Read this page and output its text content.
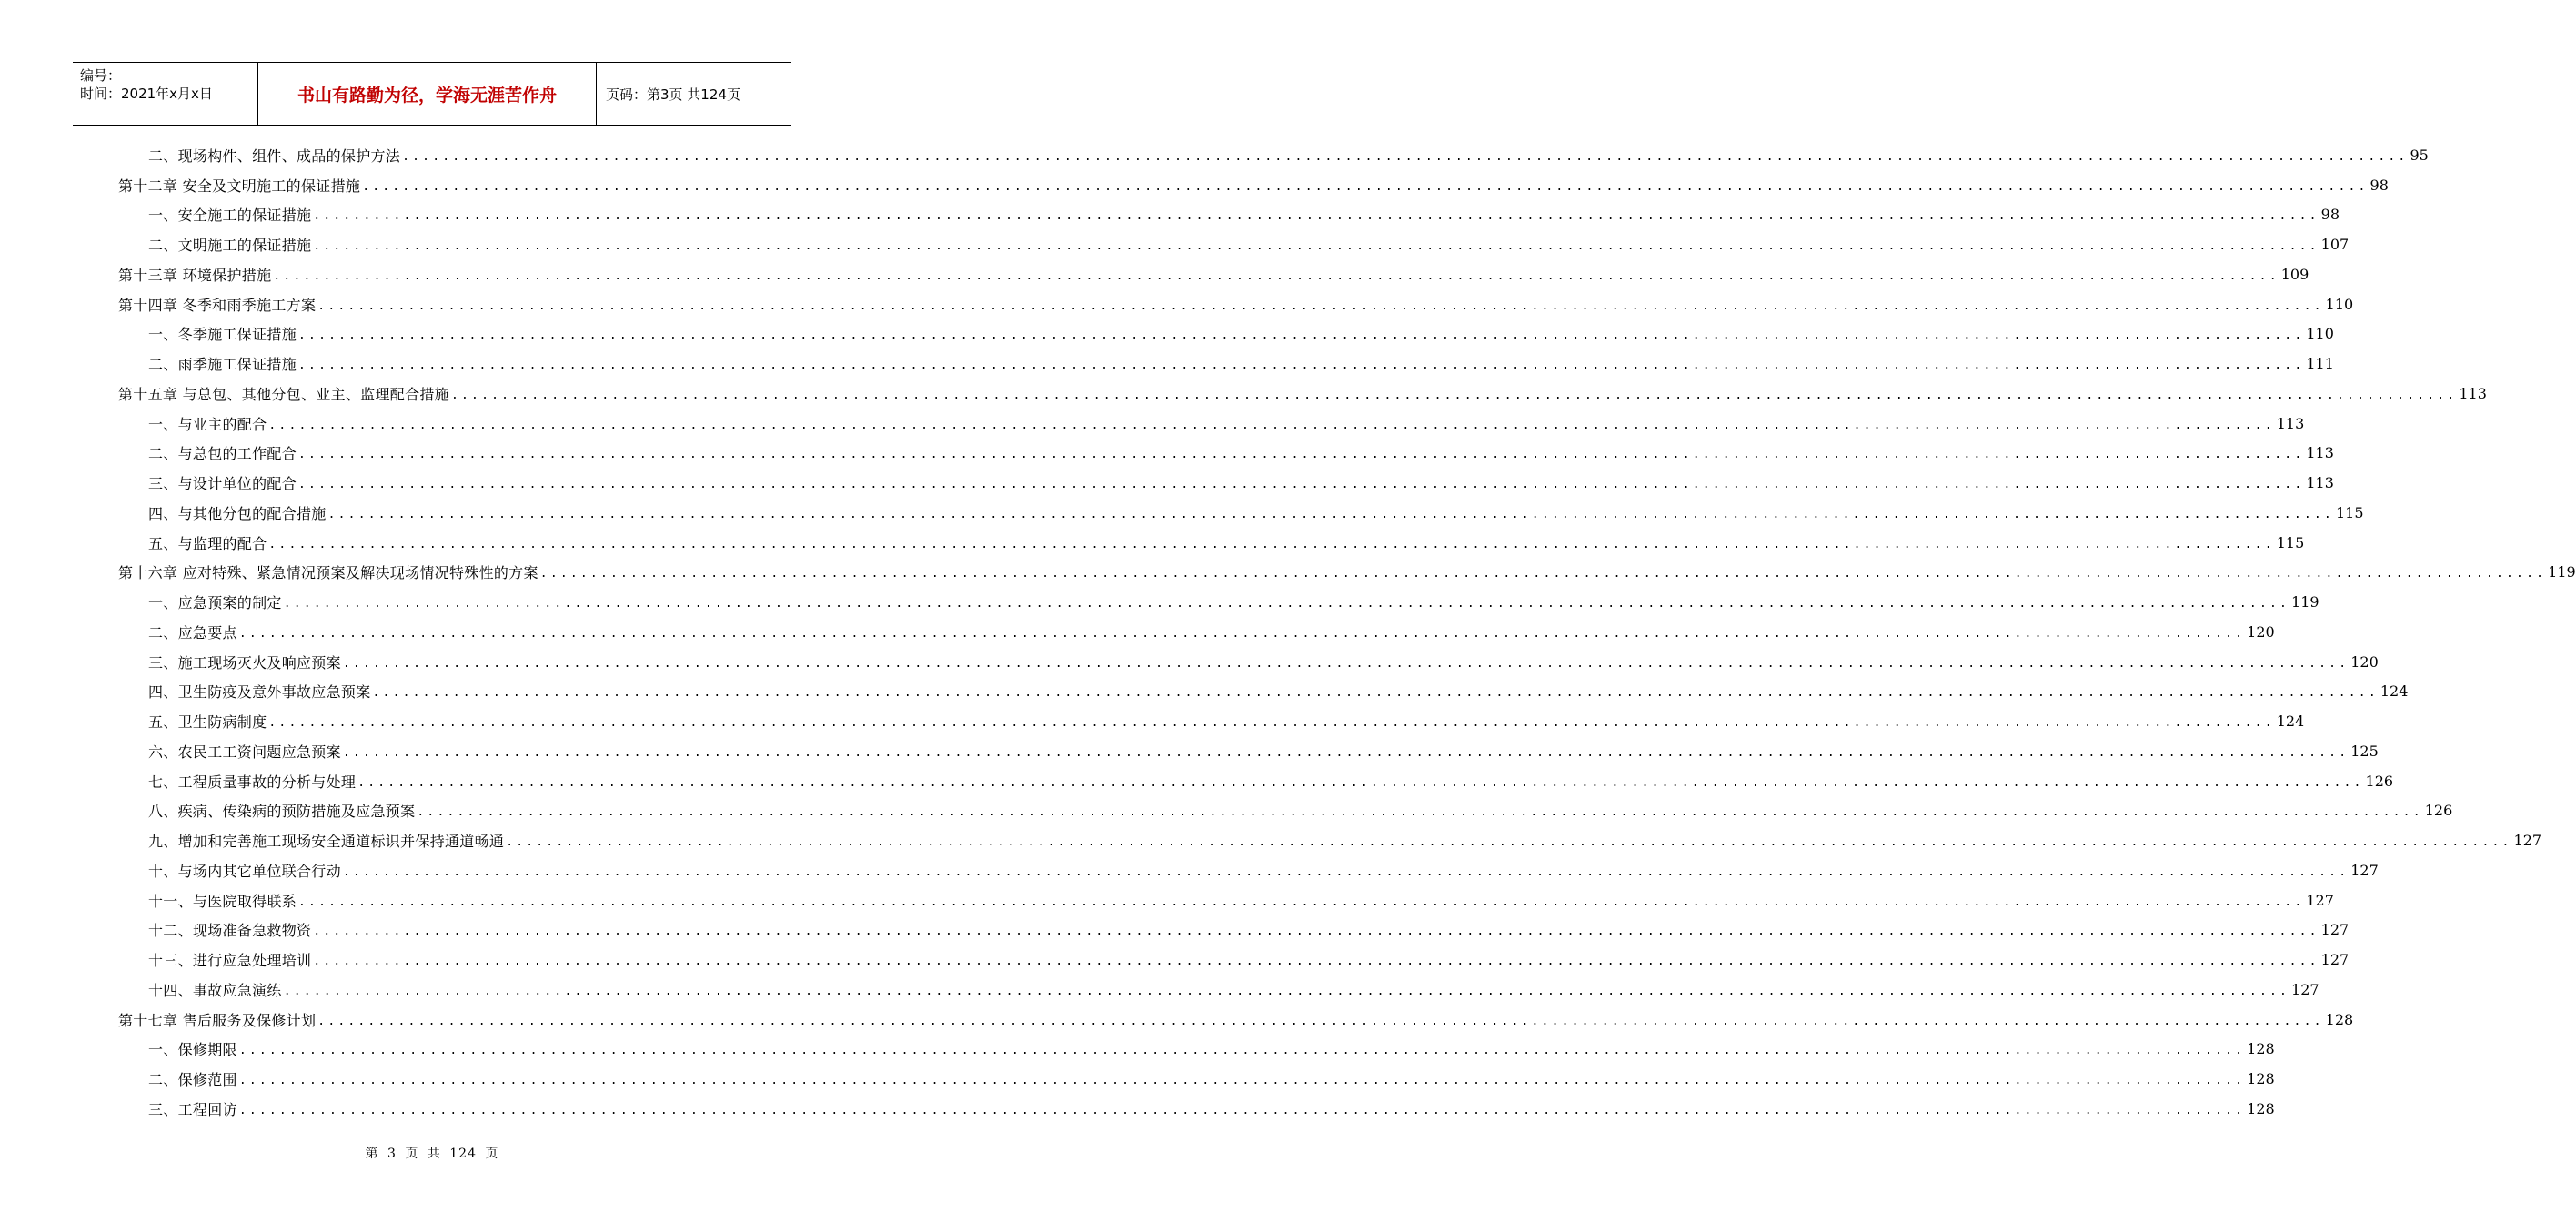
编号：
时间：2021年x月x日	书山有路勤为径，学海无涯苦作舟	页码：第3页 共124页
二、现场构件、组件、成品的保护方法 ........................................................................................................................................................................................................ 95
第十二章 安全及文明施工的保证措施 ........................................................................................................................................................................................................ 98
一、安全施工的保证措施 ........................................................................................................................................................................................................ 98
二、文明施工的保证措施 ........................................................................................................................................................................................................ 107
第十三章 环境保护措施 ........................................................................................................................................................................................................ 109
第十四章 冬季和雨季施工方案 ........................................................................................................................................................................................................ 110
一、冬季施工保证措施 ........................................................................................................................................................................................................ 110
二、雨季施工保证措施 ........................................................................................................................................................................................................ 111
第十五章 与总包、其他分包、业主、监理配合措施 ........................................................................................................................................................................................................ 113
一、与业主的配合 ........................................................................................................................................................................................................ 113
二、与总包的工作配合 ........................................................................................................................................................................................................ 113
三、与设计单位的配合 ........................................................................................................................................................................................................ 113
四、与其他分包的配合措施 ........................................................................................................................................................................................................ 115
五、与监理的配合 ........................................................................................................................................................................................................ 115
第十六章 应对特殊、紧急情况预案及解决现场情况特殊性的方案 ........................................................................................................................................................................................................ 119
一、应急预案的制定 ........................................................................................................................................................................................................ 119
二、应急要点 ........................................................................................................................................................................................................ 120
三、施工现场灭火及响应预案 ........................................................................................................................................................................................................ 120
四、卫生防疫及意外事故应急预案 ........................................................................................................................................................................................................ 124
五、卫生防病制度 ........................................................................................................................................................................................................ 124
六、农民工工资问题应急预案 ........................................................................................................................................................................................................ 125
七、工程质量事故的分析与处理 ........................................................................................................................................................................................................ 126
八、疾病、传染病的预防措施及应急预案 ........................................................................................................................................................................................................ 126
九、增加和完善施工现场安全通道标识并保持通道畅通 ........................................................................................................................................................................................................ 127
十、与场内其它单位联合行动 ........................................................................................................................................................................................................ 127
十一、与医院取得联系 ........................................................................................................................................................................................................ 127
十二、现场准备急救物资 ........................................................................................................................................................................................................ 127
十三、进行应急处理培训 ........................................................................................................................................................................................................ 127
十四、事故应急演练 ........................................................................................................................................................................................................ 127
第十七章 售后服务及保修计划 ........................................................................................................................................................................................................ 128
一、保修期限 ........................................................................................................................................................................................................ 128
二、保修范围 ........................................................................................................................................................................................................ 128
三、工程回访 ........................................................................................................................................................................................................ 128
第 3 页 共 124 页
